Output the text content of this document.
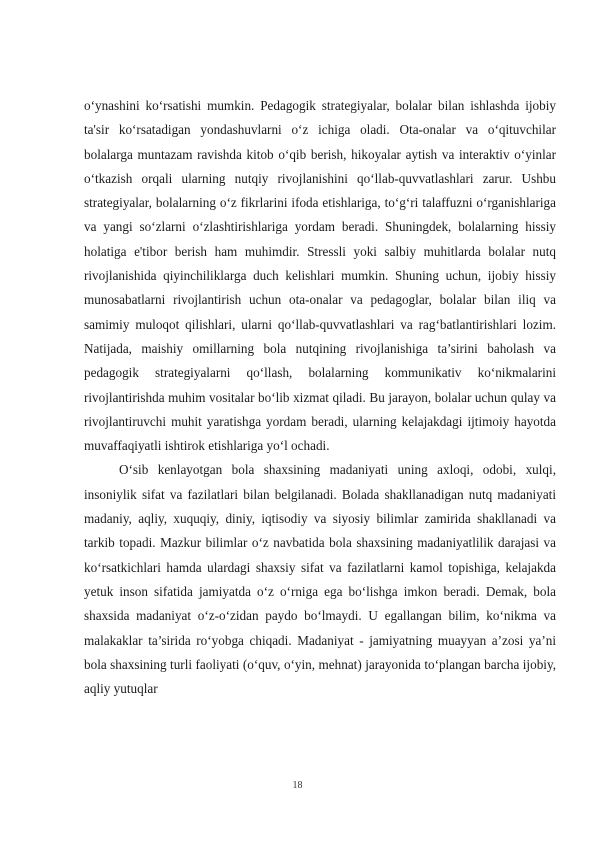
o‘ynashini ko‘rsatishi mumkin. Pedagogik strategiyalar, bolalar bilan ishlashda ijobiy ta'sir ko‘rsatadigan yondashuvlarni o‘z ichiga oladi. Ota-onalar va o‘qituvchilar bolalarga muntazam ravishda kitob o‘qib berish, hikoyalar aytish va interaktiv o‘yinlar o‘tkazish orqali ularning nutqiy rivojlanishini qo‘llab-quvvatlashlari zarur. Ushbu strategiyalar, bolalarning o‘z fikrlarini ifoda etishlariga, to‘g‘ri talaffuzni o‘rganishlariga va yangi so‘zlarni o‘zlashtirishlariga yordam beradi. Shuningdek, bolalarning hissiy holatiga e'tibor berish ham muhimdir. Stressli yoki salbiy muhitlarda bolalar nutq rivojlanishida qiyinchiliklarga duch kelishlari mumkin. Shuning uchun, ijobiy hissiy munosabatlarni rivojlantirish uchun ota-onalar va pedagoglar, bolalar bilan iliq va samimiy muloqot qilishlari, ularni qo‘llab-quvvatlashlari va rag‘batlantirishlari lozim. Natijada, maishiy omillarning bola nutqining rivojlanishiga ta’sirini baholash va pedagogik strategiyalarni qo‘llash, bolalarning kommunikativ ko‘nikmalarini rivojlantirishda muhim vositalar bo‘lib xizmat qiladi. Bu jarayon, bolalar uchun qulay va rivojlantiruvchi muhit yaratishga yordam beradi, ularning kelajakdagi ijtimoiy hayotda muvaffaqiyatli ishtirok etishlariga yo‘l ochadi.

O‘sib kenlayotgan bola shaxsining madaniyati uning axloqi, odobi, xulqi, insoniylik sifat va fazilatlari bilan belgilanadi. Bolada shakllanadigan nutq madaniyati madaniy, aqliy, xuquqiy, diniy, iqtisodiy va siyosiy bilimlar zamirida shakllanadi va tarkib topadi. Mazkur bilimlar o‘z navbatida bola shaxsining madaniyatlilik darajasi va ko‘rsatkichlari hamda ulardagi shaxsiy sifat va fazilatlarni kamol topishiga, kelajakda yetuk inson sifatida jamiyatda o‘z o‘rniga ega bo‘lishga imkon beradi. Demak, bola shaxsida madaniyat o‘z-o‘zidan paydo bo‘lmaydi. U egallangan bilim, ko‘nikma va malakaklar ta’sirida ro‘yobga chiqadi. Madaniyat - jamiyatning muayyan a’zosi ya’ni bola shaxsining turli faoliyati (o‘quv, o‘yin, mehnat) jarayonida to‘plangan barcha ijobiy, aqliy yutuqlar

18
